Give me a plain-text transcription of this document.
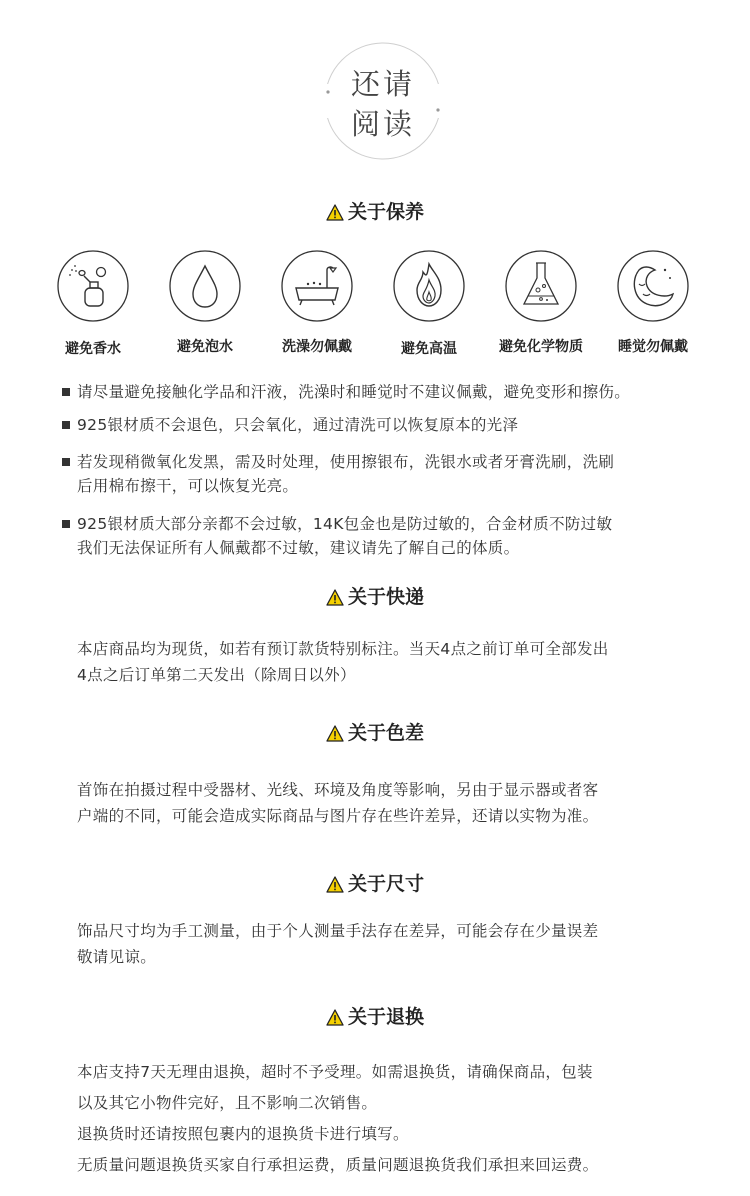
还请
阅读
关于保养
避免香水	避免泡水	洗澡勿佩戴	避免高温	避免化学物质	睡觉勿佩戴
请尽量避免接触化学品和汗液，洗澡时和睡觉时不建议佩戴，避免变形和擦伤。
925银材质不会退色，只会氧化，通过清洗可以恢复原本的光泽
若发现稍微氧化发黑，需及时处理，使用擦银布，洗银水或者牙膏洗刷，洗刷
后用棉布擦干，可以恢复光亮。
925银材质大部分亲都不会过敏，14K包金也是防过敏的，合金材质不防过敏
我们无法保证所有人佩戴都不过敏，建议请先了解自己的体质。
关于快递
本店商品均为现货，如若有预订款货特别标注。当天4点之前订单可全部发出
4点之后订单第二天发出（除周日以外）
关于色差
首饰在拍摄过程中受器材、光线、环境及角度等影响，另由于显示器或者客
户端的不同，可能会造成实际商品与图片存在些许差异，还请以实物为准。
关于尺寸
饰品尺寸均为手工测量，由于个人测量手法存在差异，可能会存在少量误差
敬请见谅。
关于退换
本店支持7天无理由退换，超时不予受理。如需退换货，请确保商品，包装
以及其它小物件完好，且不影响二次销售。
退换货时还请按照包裹内的退换货卡进行填写。
无质量问题退换货买家自行承担运费，质量问题退换货我们承担来回运费。
